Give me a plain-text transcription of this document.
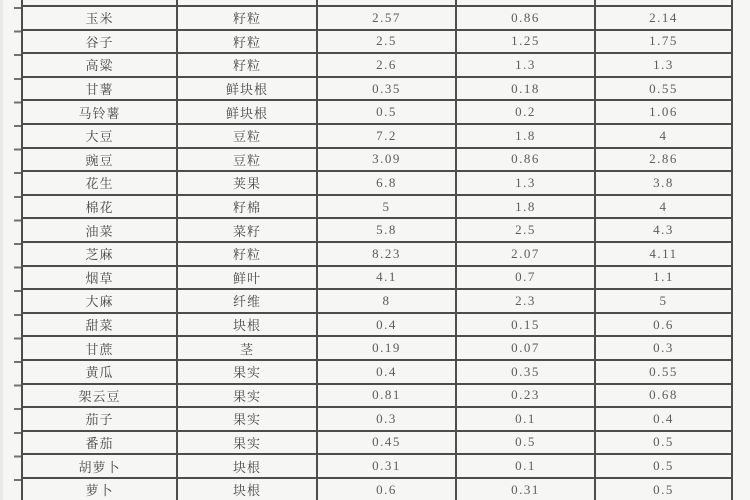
玉米	籽粒	2.57	0.86	2.14
谷子	籽粒	2.5	1.25	1.75
高粱	籽粒	2.6	1.3	1.3
甘薯	鲜块根	0.35	0.18	0.55
马铃薯	鲜块根	0.5	0.2	1.06
大豆	豆粒	7.2	1.8	4
豌豆	豆粒	3.09	0.86	2.86
花生	荚果	6.8	1.3	3.8
棉花	籽棉	5	1.8	4
油菜	菜籽	5.8	2.5	4.3
芝麻	籽粒	8.23	2.07	4.11
烟草	鲜叶	4.1	0.7	1.1
大麻	纤维	8	2.3	5
甜菜	块根	0.4	0.15	0.6
甘蔗	茎	0.19	0.07	0.3
黄瓜	果实	0.4	0.35	0.55
架云豆	果实	0.81	0.23	0.68
茄子	果实	0.3	0.1	0.4
番茄	果实	0.45	0.5	0.5
胡萝卜	块根	0.31	0.1	0.5
萝卜	块根	0.6	0.31	0.5
